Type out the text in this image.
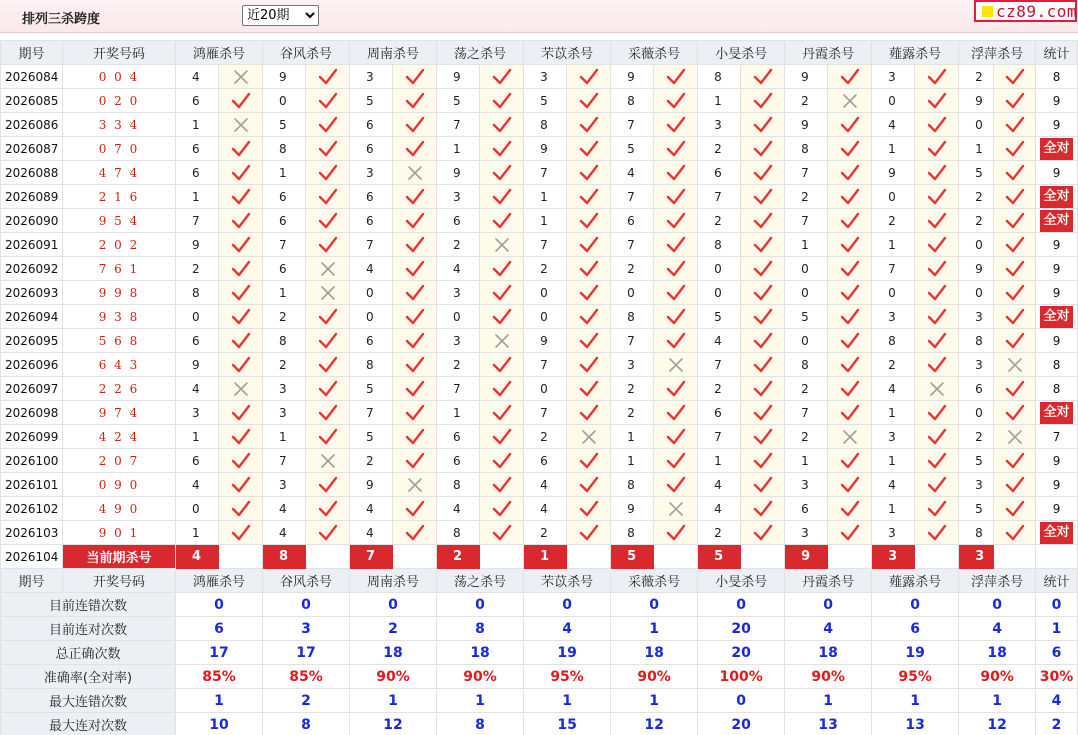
排列三杀跨度
近20期	cz89.com
期号	开奖号码	鸿雁杀号		谷风杀号		周南杀号		荡之杀号		芣苡杀号		采薇杀号		小旻杀号		丹霞杀号		薤露杀号		浮萍杀号		统计
2026084	0 0 4	4		9		3		9		3		9		8		9		3		2		8
2026085	0 2 0	6		0		5		5		5		8		1		2		0		9		9
2026086	3 3 4	1		5		6		7		8		7		3		9		4		0		9
2026087	0 7 0	6		8		6		1		9		5		2		8		1		1		全对
2026088	4 7 4	6		1		3		9		7		4		6		7		9		5		9
2026089	2 1 6	1		6		6		3		1		7		7		2		0		2		全对
2026090	9 5 4	7		6		6		6		1		6		2		7		2		2		全对
2026091	2 0 2	9		7		7		2		7		7		8		1		1		0		9
2026092	7 6 1	2		6		4		4		2		2		0		0		7		9		9
2026093	9 9 8	8		1		0		3		0		0		0		0		0		0		9
2026094	9 3 8	0		2		0		0		0		8		5		5		3		3		全对
2026095	5 6 8	6		8		6		3		9		7		4		0		8		8		9
2026096	6 4 3	9		2		8		2		7		3		7		8		2		3		8
2026097	2 2 6	4		3		5		7		0		2		2		2		4		6		8
2026098	9 7 4	3		3		7		1		7		2		6		7		1		0		全对
2026099	4 2 4	1		1		5		6		2		1		7		2		3		2		7
2026100	2 0 7	6		7		2		6		6		1		1		1		1		5		9
2026101	0 9 0	4		3		9		8		4		8		4		3		4		3		9
2026102	4 9 0	0		4		4		4		4		9		4		6		1		5		9
2026103	9 0 1	1		4		4		8		2		8		2		3		3		8		全对
2026104	当前期杀号	4		8		7		2		1		5		5		9		3		3		
期号	开奖号码	鸿雁杀号		谷风杀号		周南杀号		荡之杀号		芣苡杀号		采薇杀号		小旻杀号		丹霞杀号		薤露杀号		浮萍杀号		统计
目前连错次数		0		0		0		0		0		0		0		0		0		0		0
目前连对次数		6		3		2		8		4		1		20		4		6		4		1
总正确次数		17		17		18		18		19		18		20		18		19		18		6
准确率(全对率)		85%		85%		90%		90%		95%		90%		100%		90%		95%		90%		30%
最大连错次数		1		2		1		1		1		1		0		1		1		1		4
最大连对次数		10		8		12		8		15		12		20		13		13		12		2
